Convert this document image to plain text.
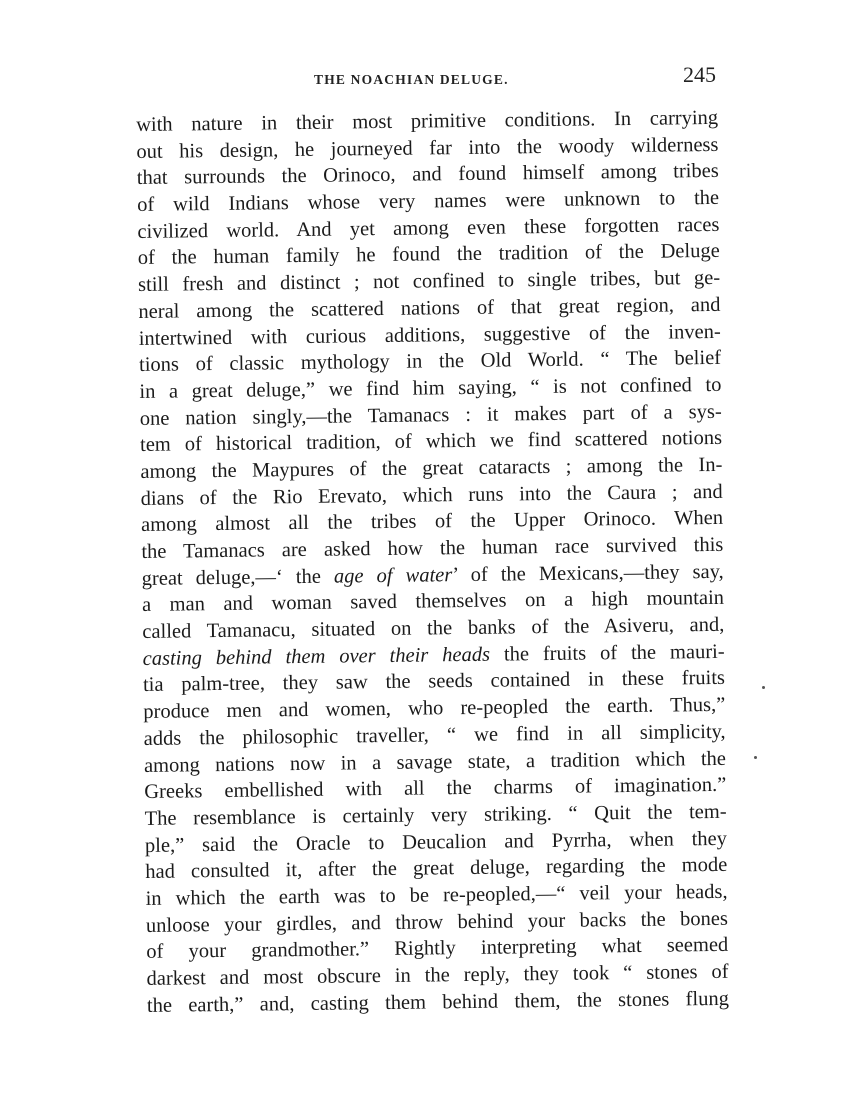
THE NOACHIAN DELUGE.	245
with nature in their most primitive conditions. In carrying
out his design, he journeyed far into the woody wilderness
that surrounds the Orinoco, and found himself among tribes
of wild Indians whose very names were unknown to the
civilized world. And yet among even these forgotten races
of the human family he found the tradition of the Deluge
still fresh and distinct ; not confined to single tribes, but ge-
neral among the scattered nations of that great region, and
intertwined with curious additions, suggestive of the inven-
tions of classic mythology in the Old World. “ The belief
in a great deluge,” we find him saying, “ is not confined to
one nation singly,—the Tamanacs : it makes part of a sys-
tem of historical tradition, of which we find scattered notions
among the Maypures of the great cataracts ; among the In-
dians of the Rio Erevato, which runs into the Caura ; and
among almost all the tribes of the Upper Orinoco. When
the Tamanacs are asked how the human race survived this
great deluge,—‘ the age of water’ of the Mexicans,—they say,
a man and woman saved themselves on a high mountain
called Tamanacu, situated on the banks of the Asiveru, and,
casting behind them over their heads the fruits of the mauri-
tia palm-tree, they saw the seeds contained in these fruits
produce men and women, who re-peopled the earth. Thus,”
adds the philosophic traveller, “ we find in all simplicity,
among nations now in a savage state, a tradition which the
Greeks embellished with all the charms of imagination.”
The resemblance is certainly very striking. “ Quit the tem-
ple,” said the Oracle to Deucalion and Pyrrha, when they
had consulted it, after the great deluge, regarding the mode
in which the earth was to be re-peopled,—“ veil your heads,
unloose your girdles, and throw behind your backs the bones
of your grandmother.” Rightly interpreting what seemed
darkest and most obscure in the reply, they took “ stones of
the earth,” and, casting them behind them, the stones flung
